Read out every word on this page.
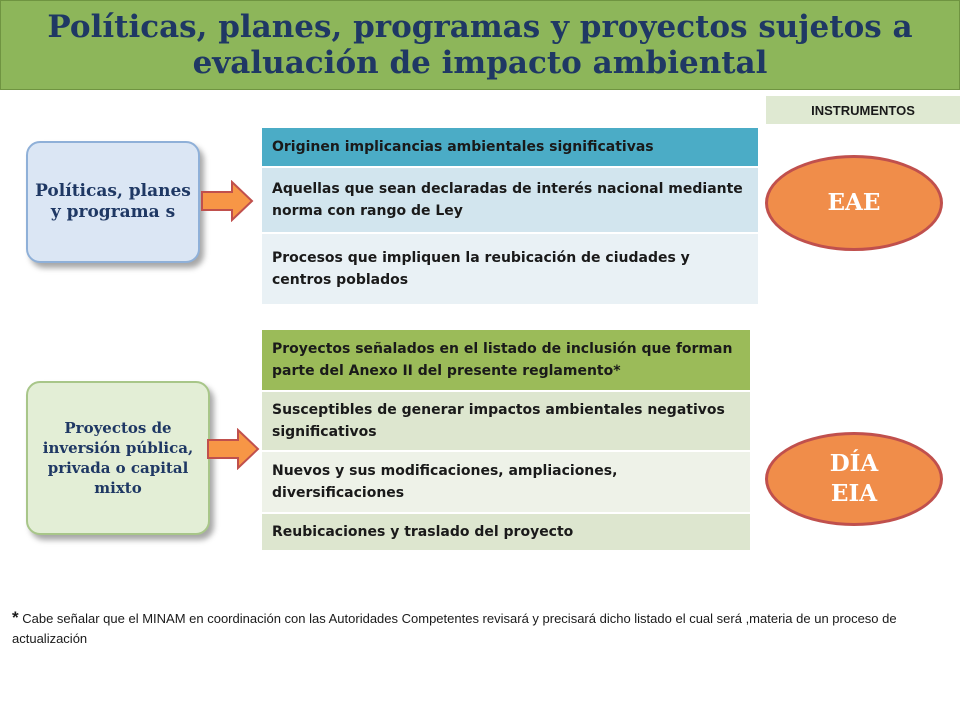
Políticas, planes, programas y proyectos sujetos a evaluación de impacto ambiental
INSTRUMENTOS
Políticas, planes y programa s
Originen implicancias ambientales significativas
Aquellas que sean declaradas de interés nacional mediante norma con rango de Ley
Procesos que impliquen la reubicación de ciudades y centros poblados
EAE
Proyectos de inversión pública, privada o capital mixto
Proyectos señalados en el listado de inclusión que forman parte del Anexo II del presente reglamento*
Susceptibles de generar impactos ambientales negativos significativos
Nuevos y sus modificaciones, ampliaciones, diversificaciones
Reubicaciones y traslado del proyecto
DÍA
EIA
* Cabe señalar que el MINAM en coordinación con las Autoridades Competentes revisará y precisará dicho listado el cual será ,materia de un proceso de actualización
